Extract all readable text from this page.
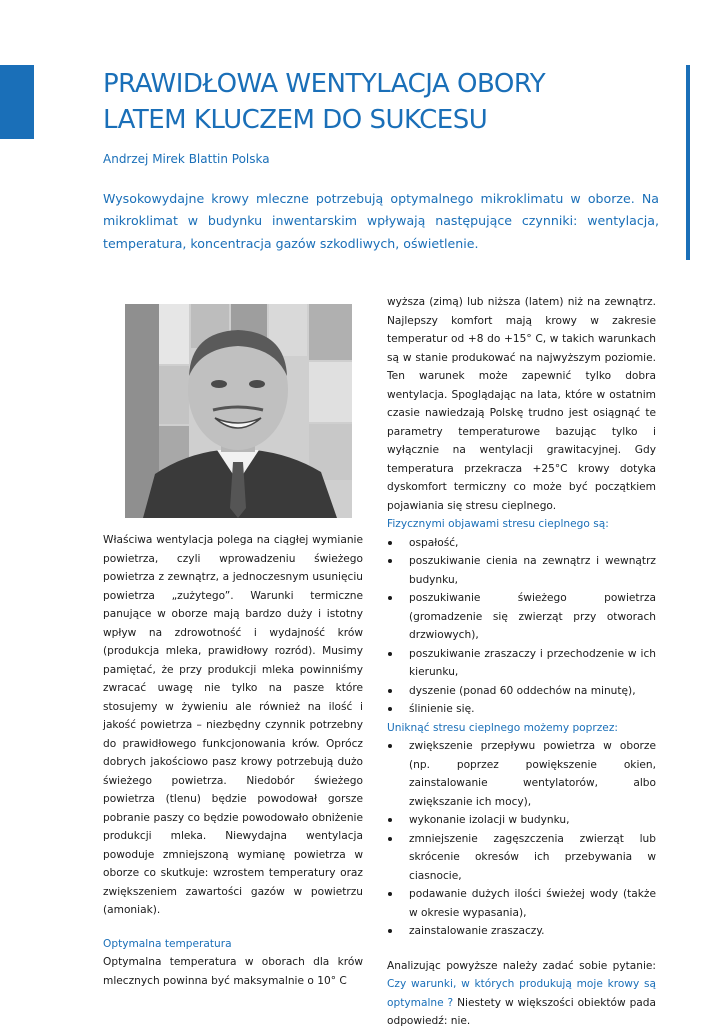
PRAWIDŁOWA WENTYLACJA OBORY
LATEM KLUCZEM DO SUKCESU
Andrzej Mirek Blattin Polska

Wysokowydajne krowy mleczne potrzebują optymalnego mikroklimatu w oborze. Na mikroklimat w budynku inwentarskim wpływają następujące czynniki: wentylacja, temperatura, koncentracja gazów szkodliwych, oświetlenie.

Właściwa wentylacja polega na ciągłej wymianie powietrza, czyli wprowadzeniu świeżego powietrza z zewnątrz, a jednoczesnym usunięciu powietrza „zużytego”. Warunki termiczne panujące w oborze mają bardzo duży i istotny wpływ na zdrowotność i wydajność krów (produkcja mleka, prawidłowy rozród). Musimy pamiętać, że przy produkcji mleka powinniśmy zwracać uwagę nie tylko na pasze które stosujemy w żywieniu ale również na ilość i jakość powietrza – niezbędny czynnik potrzebny do prawidłowego funkcjonowania krów. Oprócz dobrych jakościowo pasz krowy potrzebują dużo świeżego powietrza. Niedobór świeżego powietrza (tlenu) będzie powodował gorsze pobranie paszy co będzie powodowało obniżenie produkcji mleka. Niewydajna wentylacja powoduje zmniejszoną wymianę powietrza w oborze co skutkuje: wzrostem temperatury oraz zwiększeniem zawartości gazów w powietrzu (amoniak).

Optymalna temperatura

Optymalna temperatura w oborach dla krów mlecznych powinna być maksymalnie o 10° C

wyższa (zimą) lub niższa (latem) niż na zewnątrz. Najlepszy komfort mają krowy w zakresie temperatur od +8 do +15° C, w takich warunkach są w stanie produkować na najwyższym poziomie. Ten warunek może zapewnić tylko dobra wentylacja. Spoglądając na lata, które w ostatnim czasie nawiedzają Polskę trudno jest osiągnąć te parametry temperaturowe bazując tylko i wyłącznie na wentylacji grawitacyjnej. Gdy temperatura przekracza +25°C krowy dotyka dyskomfort termiczny co może być początkiem pojawiania się stresu cieplnego.

Fizycznymi objawami stresu cieplnego są:
ospałość,
poszukiwanie cienia na zewnątrz i wewnątrz budynku,
poszukiwanie świeżego powietrza (gromadzenie się zwierząt przy otworach drzwiowych),
poszukiwanie zraszaczy i przechodzenie w ich kierunku,
dyszenie (ponad 60 oddechów na minutę),
ślinienie się.
Uniknąć stresu cieplnego możemy poprzez:
zwiększenie przepływu powietrza w oborze (np. poprzez powiększenie okien, zainstalowanie wentylatorów, albo zwiększanie ich mocy),
wykonanie izolacji w budynku,
zmniejszenie zagęszczenia zwierząt lub skrócenie okresów ich przebywania w ciasnocie,
podawanie dużych ilości świeżej wody (także w okresie wypasania),
zainstalowanie zraszaczy.

Analizując powyższe należy zadać sobie pytanie: Czy warunki, w których produkują moje krowy są optymalne ? Niestety w większości obiektów pada odpowiedź: nie.
